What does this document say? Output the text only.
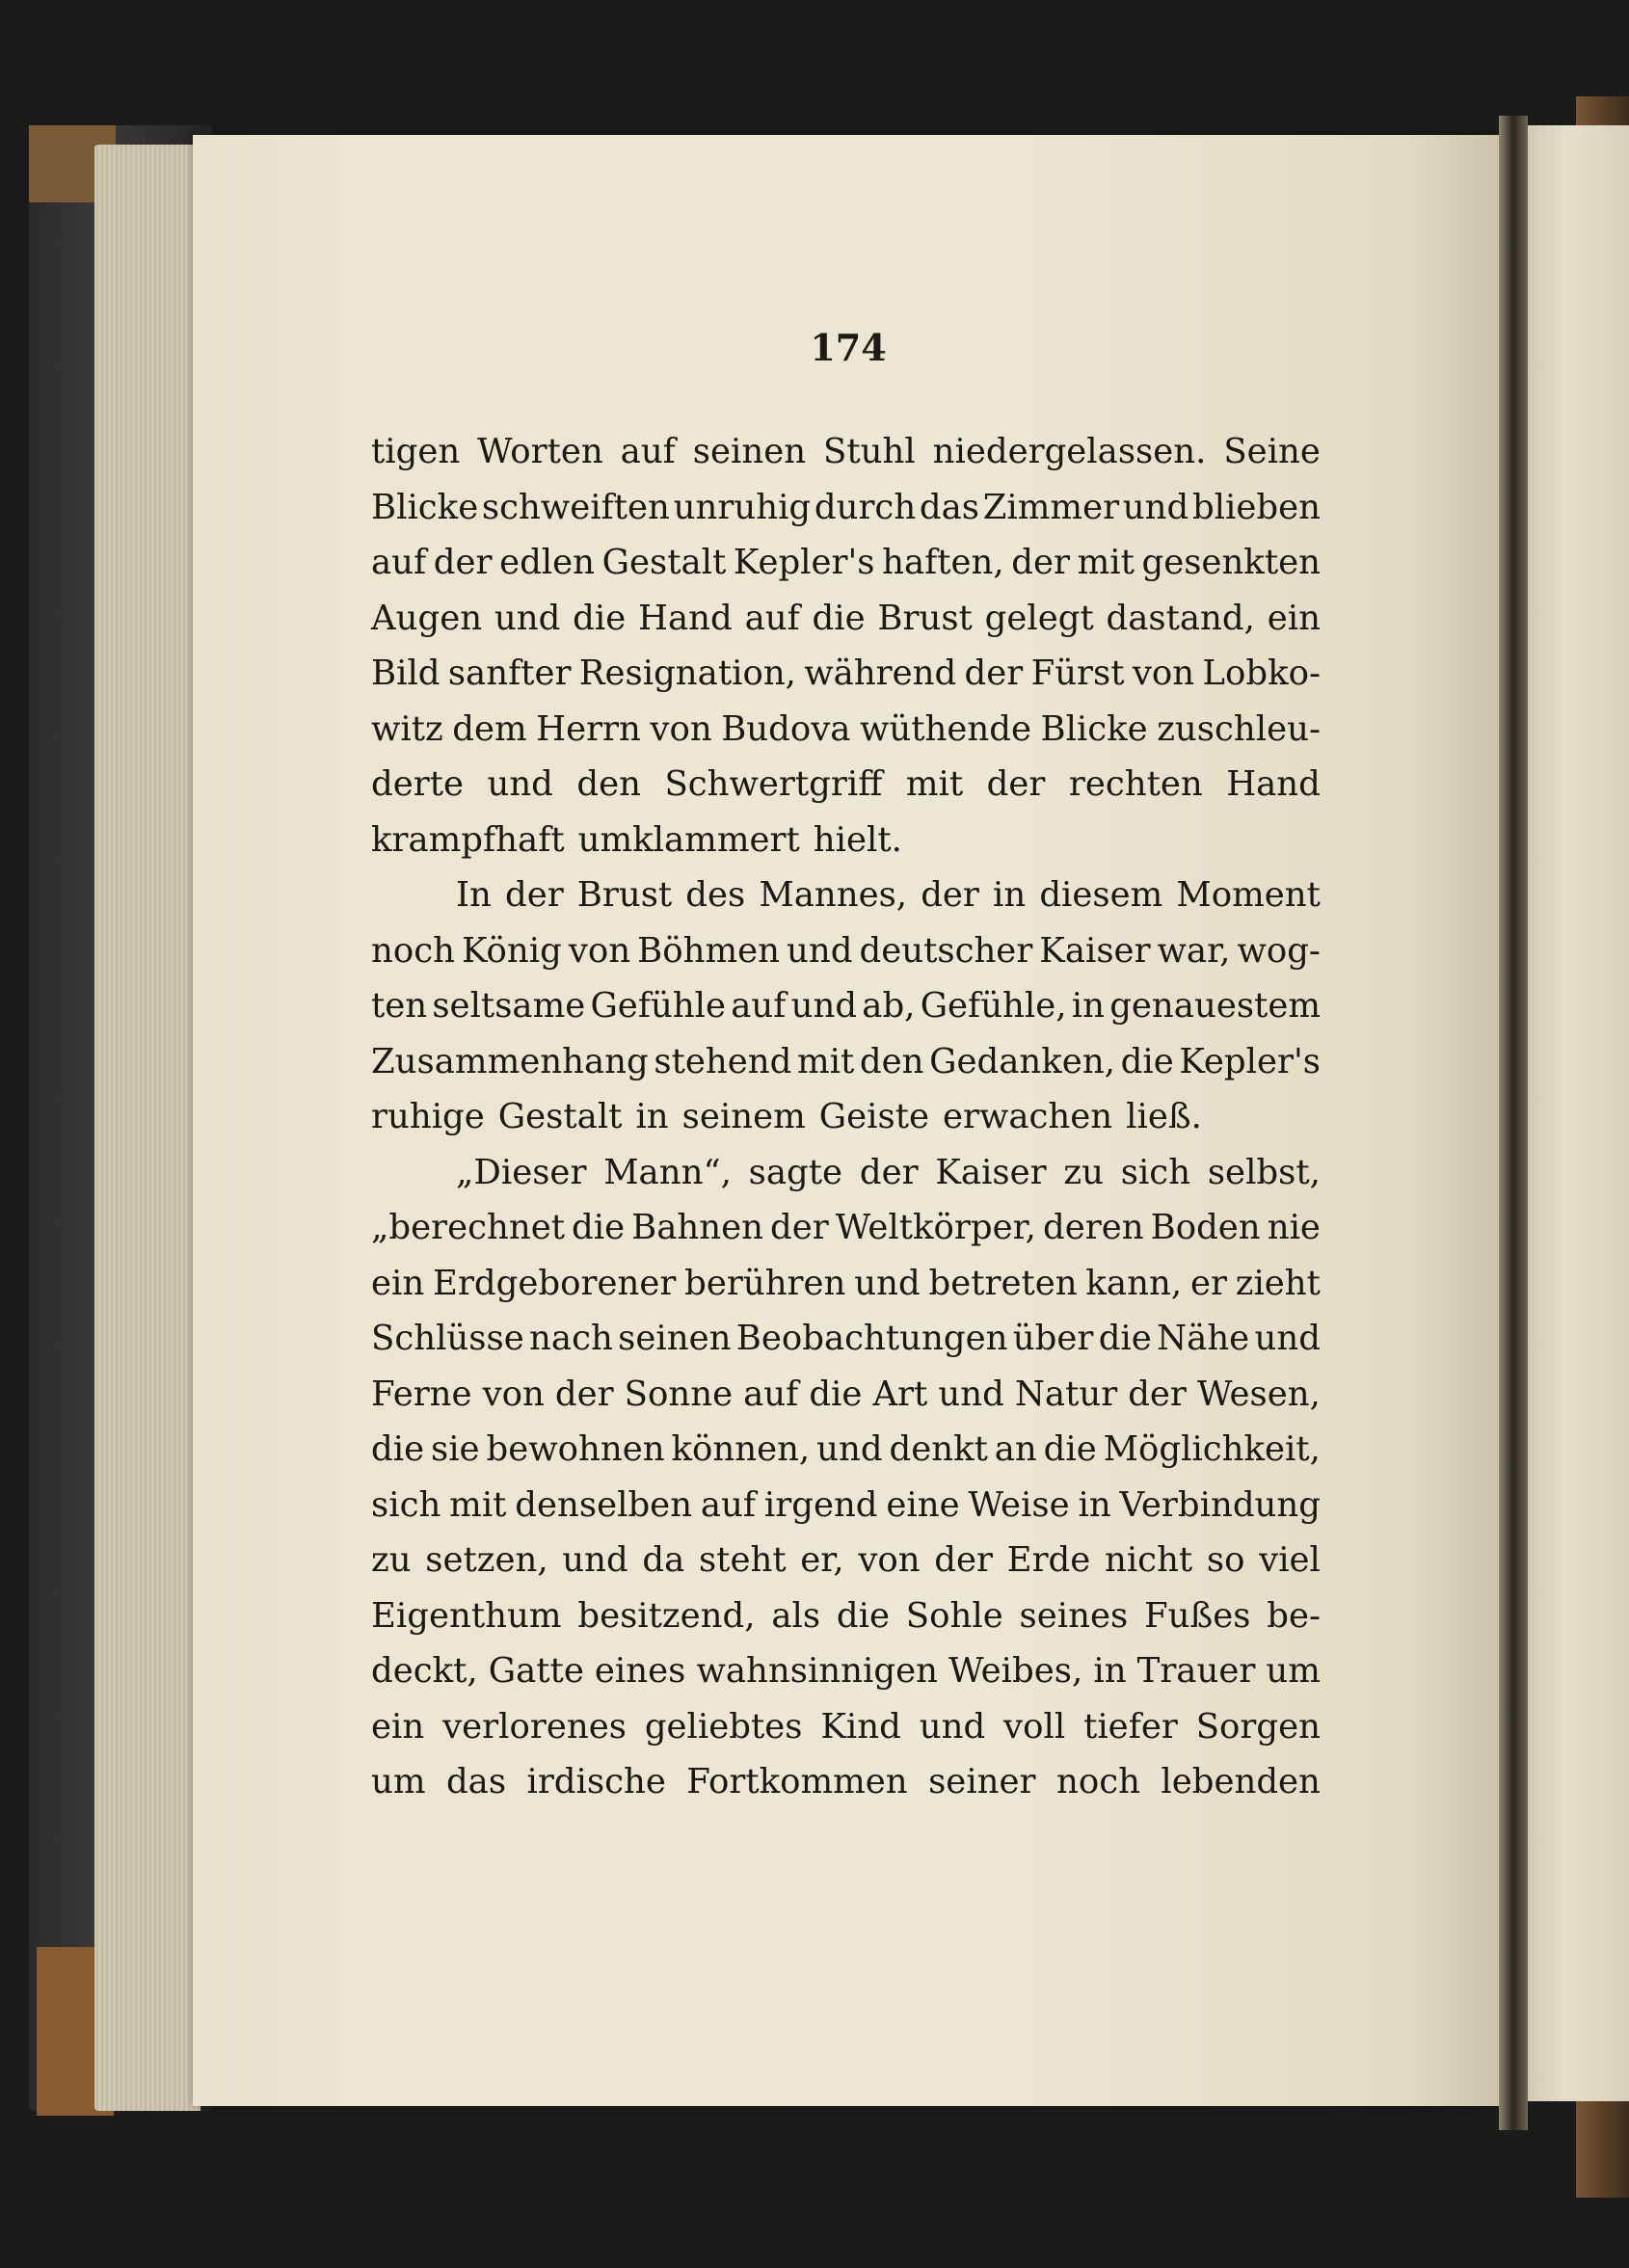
174
tigen Worten auf seinen Stuhl niedergelassen. Seine
Blicke schweiften unruhig durch das Zimmer und blieben
auf der edlen Gestalt Kepler's haften, der mit gesenkten
Augen und die Hand auf die Brust gelegt dastand, ein
Bild sanfter Resignation, während der Fürst von Lobko-
witz dem Herrn von Budova wüthende Blicke zuschleu-
derte und den Schwertgriff mit der rechten Hand
krampfhaft umklammert hielt.
In der Brust des Mannes, der in diesem Moment
noch König von Böhmen und deutscher Kaiser war, wog-
ten seltsame Gefühle auf und ab, Gefühle, in genauestem
Zusammenhang stehend mit den Gedanken, die Kepler's
ruhige Gestalt in seinem Geiste erwachen ließ.
„Dieser Mann“, sagte der Kaiser zu sich selbst,
„berechnet die Bahnen der Weltkörper, deren Boden nie
ein Erdgeborener berühren und betreten kann, er zieht
Schlüsse nach seinen Beobachtungen über die Nähe und
Ferne von der Sonne auf die Art und Natur der Wesen,
die sie bewohnen können, und denkt an die Möglichkeit,
sich mit denselben auf irgend eine Weise in Verbindung
zu setzen, und da steht er, von der Erde nicht so viel
Eigenthum besitzend, als die Sohle seines Fußes be-
deckt, Gatte eines wahnsinnigen Weibes, in Trauer um
ein verlorenes geliebtes Kind und voll tiefer Sorgen
um das irdische Fortkommen seiner noch lebenden
